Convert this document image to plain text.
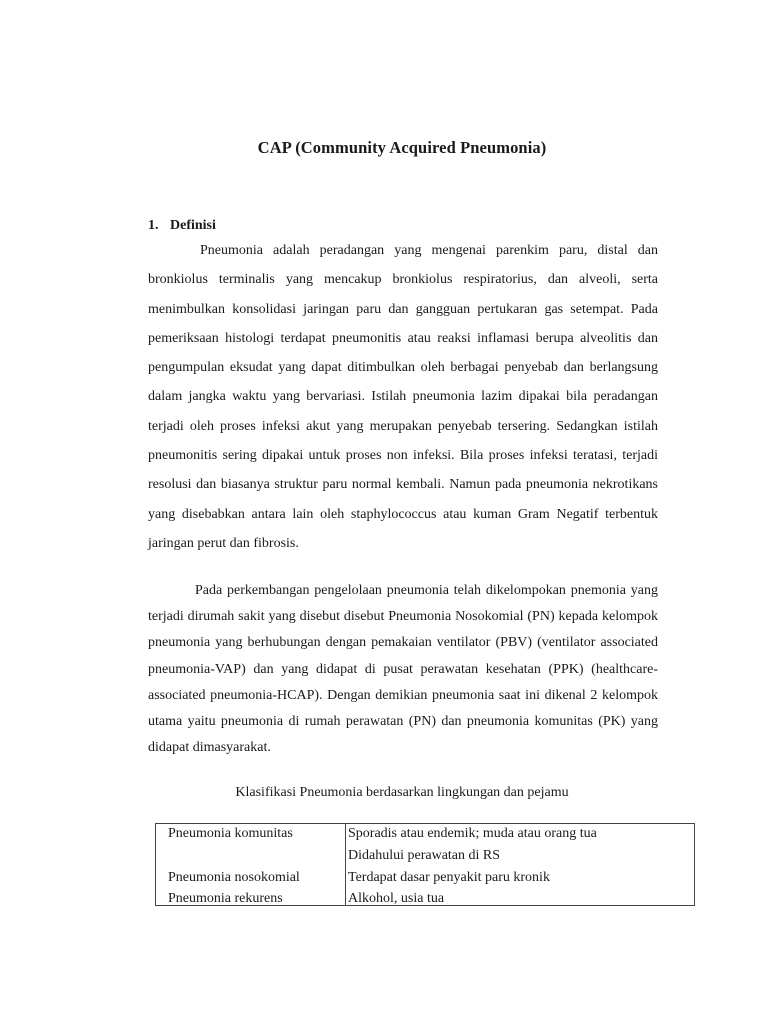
CAP (Community Acquired Pneumonia)
1. Definisi

Pneumonia adalah peradangan yang mengenai parenkim paru, distal dan bronkiolus terminalis yang mencakup bronkiolus respiratorius, dan alveoli, serta menimbulkan konsolidasi jaringan paru dan gangguan pertukaran gas setempat. Pada pemeriksaan histologi terdapat pneumonitis atau reaksi inflamasi berupa alveolitis dan pengumpulan eksudat yang dapat ditimbulkan oleh berbagai penyebab dan berlangsung dalam jangka waktu yang bervariasi. Istilah pneumonia lazim dipakai bila peradangan terjadi oleh proses infeksi akut yang merupakan penyebab tersering. Sedangkan istilah pneumonitis sering dipakai untuk proses non infeksi. Bila proses infeksi teratasi, terjadi resolusi dan biasanya struktur paru normal kembali. Namun pada pneumonia nekrotikans yang disebabkan antara lain oleh staphylococcus atau kuman Gram Negatif terbentuk jaringan perut dan fibrosis.

Pada perkembangan pengelolaan pneumonia telah dikelompokan pnemonia yang terjadi dirumah sakit yang disebut disebut Pneumonia Nosokomial (PN) kepada kelompok pneumonia yang berhubungan dengan pemakaian ventilator (PBV) (ventilator associated pneumonia-VAP) dan yang didapat di pusat perawatan kesehatan (PPK) (healthcare-associated pneumonia-HCAP). Dengan demikian pneumonia saat ini dikenal 2 kelompok utama yaitu pneumonia di rumah perawatan (PN) dan pneumonia komunitas (PK) yang didapat dimasyarakat.

Klasifikasi Pneumonia berdasarkan lingkungan dan pejamu
Pneumonia komunitas
Pneumonia nosokomial
Pneumonia rekurens
Sporadis atau endemik; muda atau orang tua
Didahului perawatan di RS
Terdapat dasar penyakit paru kronik
Alkohol, usia tua
